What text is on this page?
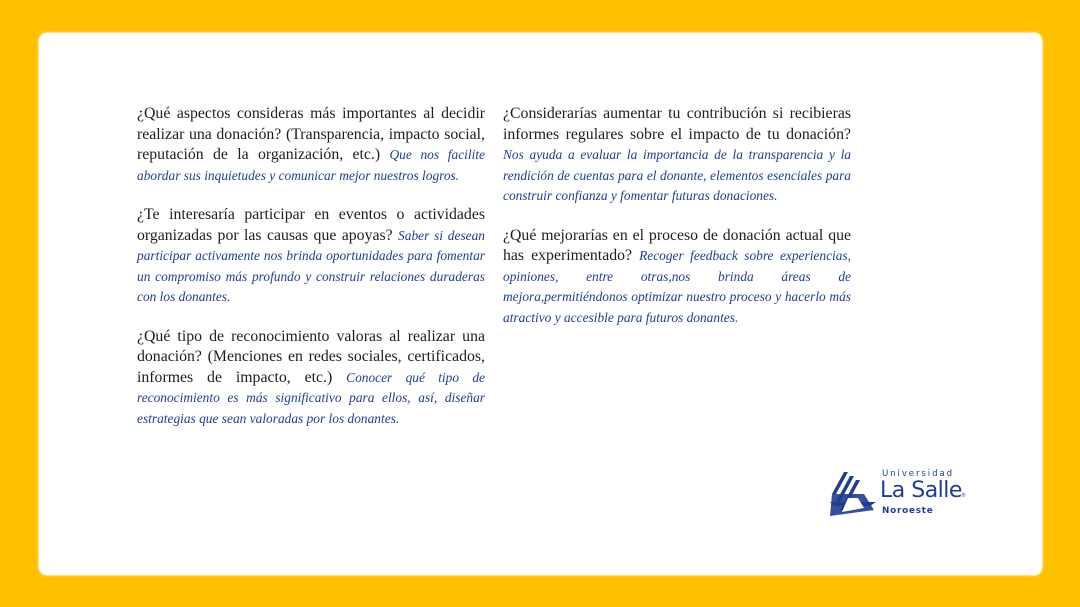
¿Qué aspectos consideras más importantes al decidir realizar una donación? (Transparencia, impacto social, reputación de la organización, etc.) Que nos facilite abordar sus inquietudes y comunicar mejor nuestros logros.

¿Te interesaría participar en eventos o actividades organizadas por las causas que apoyas? Saber si desean participar activamente nos brinda oportunidades para fomentar un compromiso más profundo y construir relaciones duraderas con los donantes.

¿Qué tipo de reconocimiento valoras al realizar una donación? (Menciones en redes sociales, certificados, informes de impacto, etc.) Conocer qué tipo de reconocimiento es más significativo para ellos, así, diseñar estrategias que sean valoradas por los donantes.

¿Considerarías aumentar tu contribución si recibieras informes regulares sobre el impacto de tu donación? Nos ayuda a evaluar la importancia de la transparencia y la rendición de cuentas para el donante, elementos esenciales para construir confianza y fomentar futuras donaciones.

¿Qué mejorarías en el proceso de donación actual que has experimentado? Recoger feedback sobre experiencias, opiniones, entre otras,nos brinda áreas de mejora,permitiéndonos optimizar nuestro proceso y hacerlo más atractivo y accesible para futuros donantes.

Universidad
La Salle ®
Noroeste
